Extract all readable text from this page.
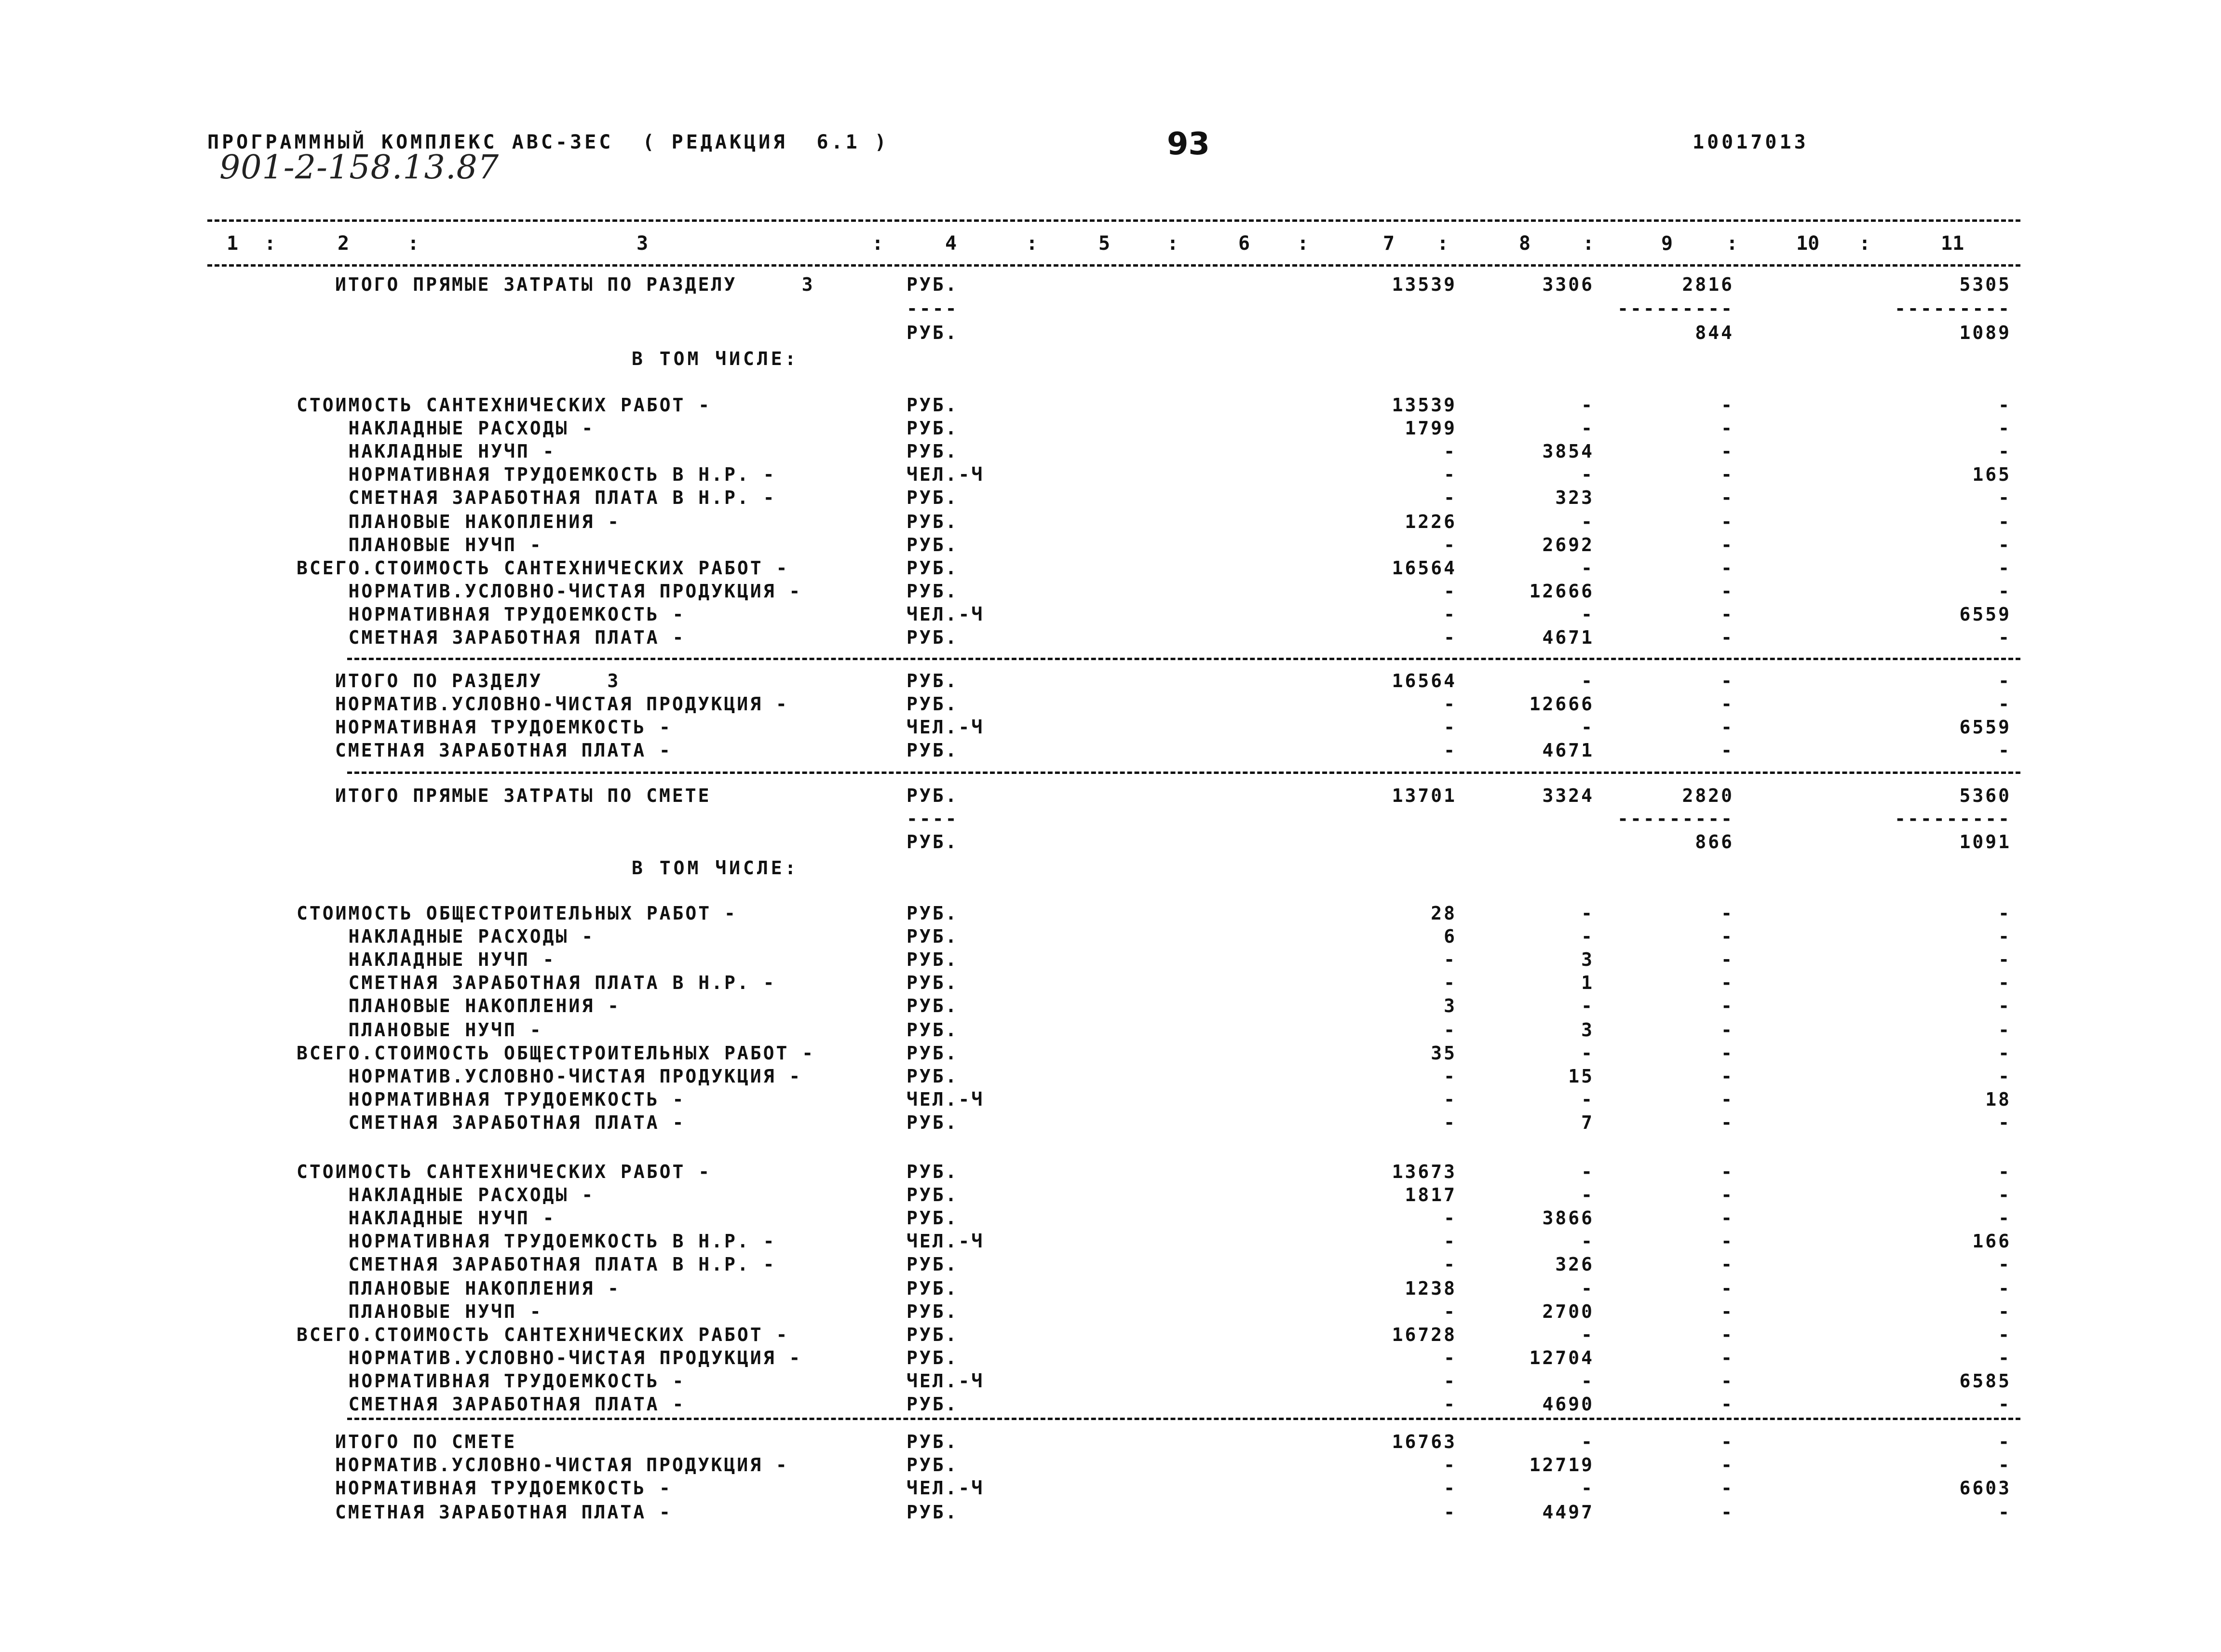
ПРОГРАММНЫЙ КОМПЛЕКС АВС-3ЕС  ( РЕДАКЦИЯ  6.1 )	93	10017013
901-2-158.13.87
1 :	2	:	3	:	4	:	5	:	6 :	7 :	8	:	9	:	10 :	11
В ТОМ ЧИСЛЕ:
В ТОМ ЧИСЛЕ:
ИТОГО ПРЯМЫЕ ЗАТРАТЫ ПО РАЗДЕЛУ     3	РУБ.	13539	3306	2816	5305
----	---------	---------
РУБ.	844	1089
СТОИМОСТЬ САНТЕХНИЧЕСКИХ РАБОТ -	РУБ.	13539	-	-	-
НАКЛАДНЫЕ РАСХОДЫ -	РУБ.	1799	-	-	-
НАКЛАДНЫЕ НУЧП -	РУБ.	-	3854	-	-
НОРМАТИВНАЯ ТРУДОЕМКОСТЬ В Н.Р. -	ЧЕЛ.-Ч	-	-	-	165
СМЕТНАЯ ЗАРАБОТНАЯ ПЛАТА В Н.Р. -	РУБ.	-	323	-	-
ПЛАНОВЫЕ НАКОПЛЕНИЯ -	РУБ.	1226	-	-	-
ПЛАНОВЫЕ НУЧП -	РУБ.	-	2692	-	-
ВСЕГО.СТОИМОСТЬ САНТЕХНИЧЕСКИХ РАБОТ -	РУБ.	16564	-	-	-
НОРМАТИВ.УСЛОВНО-ЧИСТАЯ ПРОДУКЦИЯ -	РУБ.	-	12666	-	-
НОРМАТИВНАЯ ТРУДОЕМКОСТЬ -	ЧЕЛ.-Ч	-	-	-	6559
СМЕТНАЯ ЗАРАБОТНАЯ ПЛАТА -	РУБ.	-	4671	-	-
ИТОГО ПО РАЗДЕЛУ     3	РУБ.	16564	-	-	-
НОРМАТИВ.УСЛОВНО-ЧИСТАЯ ПРОДУКЦИЯ -	РУБ.	-	12666	-	-
НОРМАТИВНАЯ ТРУДОЕМКОСТЬ -	ЧЕЛ.-Ч	-	-	-	6559
СМЕТНАЯ ЗАРАБОТНАЯ ПЛАТА -	РУБ.	-	4671	-	-
ИТОГО ПРЯМЫЕ ЗАТРАТЫ ПО СМЕТЕ	РУБ.	13701	3324	2820	5360
----	---------	---------
РУБ.	866	1091
СТОИМОСТЬ ОБЩЕСТРОИТЕЛЬНЫХ РАБОТ -	РУБ.	28	-	-	-
НАКЛАДНЫЕ РАСХОДЫ -	РУБ.	6	-	-	-
НАКЛАДНЫЕ НУЧП -	РУБ.	-	3	-	-
СМЕТНАЯ ЗАРАБОТНАЯ ПЛАТА В Н.Р. -	РУБ.	-	1	-	-
ПЛАНОВЫЕ НАКОПЛЕНИЯ -	РУБ.	3	-	-	-
ПЛАНОВЫЕ НУЧП -	РУБ.	-	3	-	-
ВСЕГО.СТОИМОСТЬ ОБЩЕСТРОИТЕЛЬНЫХ РАБОТ -	РУБ.	35	-	-	-
НОРМАТИВ.УСЛОВНО-ЧИСТАЯ ПРОДУКЦИЯ -	РУБ.	-	15	-	-
НОРМАТИВНАЯ ТРУДОЕМКОСТЬ -	ЧЕЛ.-Ч	-	-	-	18
СМЕТНАЯ ЗАРАБОТНАЯ ПЛАТА -	РУБ.	-	7	-	-
СТОИМОСТЬ САНТЕХНИЧЕСКИХ РАБОТ -	РУБ.	13673	-	-	-
НАКЛАДНЫЕ РАСХОДЫ -	РУБ.	1817	-	-	-
НАКЛАДНЫЕ НУЧП -	РУБ.	-	3866	-	-
НОРМАТИВНАЯ ТРУДОЕМКОСТЬ В Н.Р. -	ЧЕЛ.-Ч	-	-	-	166
СМЕТНАЯ ЗАРАБОТНАЯ ПЛАТА В Н.Р. -	РУБ.	-	326	-	-
ПЛАНОВЫЕ НАКОПЛЕНИЯ -	РУБ.	1238	-	-	-
ПЛАНОВЫЕ НУЧП -	РУБ.	-	2700	-	-
ВСЕГО.СТОИМОСТЬ САНТЕХНИЧЕСКИХ РАБОТ -	РУБ.	16728	-	-	-
НОРМАТИВ.УСЛОВНО-ЧИСТАЯ ПРОДУКЦИЯ -	РУБ.	-	12704	-	-
НОРМАТИВНАЯ ТРУДОЕМКОСТЬ -	ЧЕЛ.-Ч	-	-	-	6585
СМЕТНАЯ ЗАРАБОТНАЯ ПЛАТА -	РУБ.	-	4690	-	-
ИТОГО ПО СМЕТЕ	РУБ.	16763	-	-	-
НОРМАТИВ.УСЛОВНО-ЧИСТАЯ ПРОДУКЦИЯ -	РУБ.	-	12719	-	-
НОРМАТИВНАЯ ТРУДОЕМКОСТЬ -	ЧЕЛ.-Ч	-	-	-	6603
СМЕТНАЯ ЗАРАБОТНАЯ ПЛАТА -	РУБ.	-	4497	-	-
